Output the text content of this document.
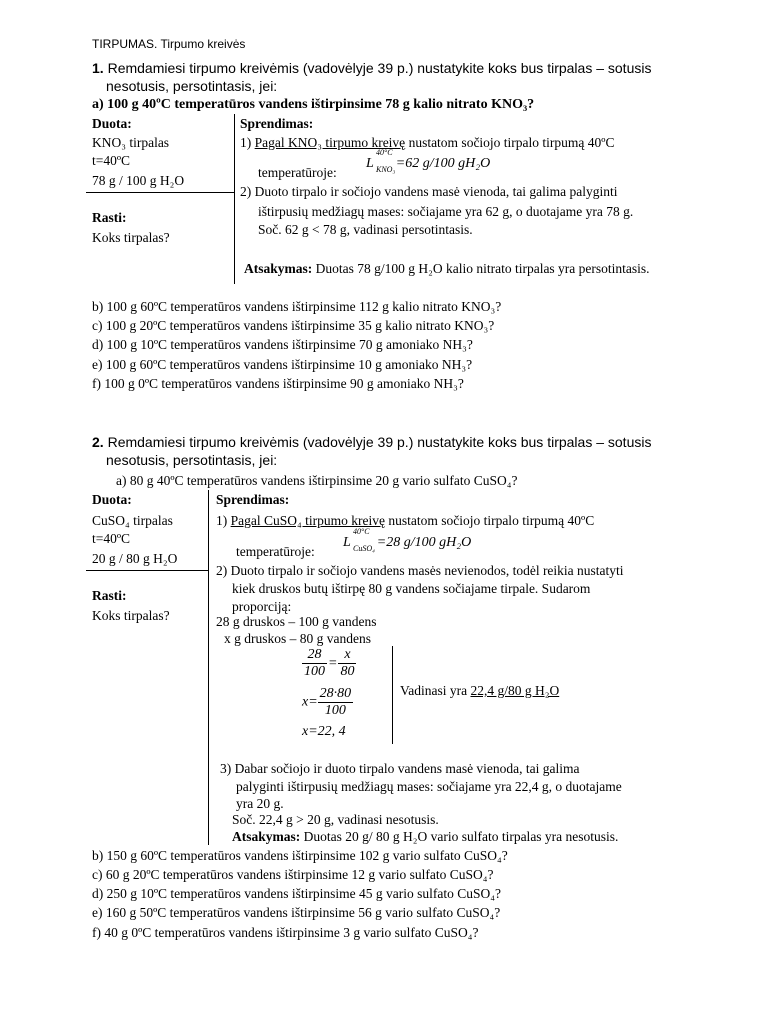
TIRPUMAS. Tirpumo kreivės
1. Remdamiesi tirpumo kreivėmis (vadovėlyje 39 p.) nustatykite koks bus tirpalas – sotusis
nesotusis, persotintasis, jei:
a) 100 g 40ºC temperatūros vandens ištirpinsime 78 g kalio nitrato KNO₃?
Duota:
KNO₃ tirpalas
t=40ºC
78 g / 100 g H₂O
Rasti:
Koks tirpalas?
Sprendimas:
1) Pagal KNO₃ tirpumo kreivę nustatom sočiojo tirpalo tirpumą 40ºC
temperatūroje:
L
40°C
KNO₃ =62 g/100 gH₂O
2) Duoto tirpalo ir sočiojo vandens masė vienoda, tai galima palyginti
ištirpusių medžiagų mases: sočiajame yra 62 g, o duotajame yra 78 g.
Soč. 62 g < 78 g, vadinasi persotintasis.
Atsakymas: Duotas 78 g/100 g H₂O kalio nitrato tirpalas yra persotintasis.
b) 100 g 60ºC temperatūros vandens ištirpinsime 112 g kalio nitrato KNO₃?
c) 100 g 20ºC temperatūros vandens ištirpinsime 35 g kalio nitrato KNO₃?
d) 100 g 10ºC temperatūros vandens ištirpinsime 70 g amoniako NH₃?
e) 100 g 60ºC temperatūros vandens ištirpinsime 10 g amoniako NH₃?
f) 100 g 0ºC temperatūros vandens ištirpinsime 90 g amoniako NH₃?
2. Remdamiesi tirpumo kreivėmis (vadovėlyje 39 p.) nustatykite koks bus tirpalas – sotusis
nesotusis, persotintasis, jei:
a) 80 g 40ºC temperatūros vandens ištirpinsime 20 g vario sulfato CuSO₄?
Duota:
CuSO₄ tirpalas
t=40ºC
20 g / 80 g H₂O
Rasti:
Koks tirpalas?
Sprendimas:
1) Pagal CuSO₄ tirpumo kreivę nustatom sočiojo tirpalo tirpumą 40ºC
temperatūroje:
L
40°C
CuSO₄ =28 g/100 gH₂O
2) Duoto tirpalo ir sočiojo vandens masės nevienodos, todėl reikia nustatyti
kiek druskos butų ištirpę 80 g vandens sočiajame tirpale. Sudarom
proporciją:
28 g druskos – 100 g vandens
x g druskos – 80 g vandens
$\frac{28}{100} = \frac{x}{80}$
$x= \frac{28\cdot 80}{100}$
x=22, 4
Vadinasi yra 22,4 g/80 g H₂O
3) Dabar sočiojo ir duoto tirpalo vandens masė vienoda, tai galima
palyginti ištirpusių medžiagų mases: sočiajame yra 22,4 g, o duotajame
yra 20 g.
Soč. 22,4 g > 20 g, vadinasi nesotusis.
Atsakymas: Duotas 20 g/ 80 g H₂O vario sulfato tirpalas yra nesotusis.
b) 150 g 60ºC temperatūros vandens ištirpinsime 102 g vario sulfato CuSO₄?
c) 60 g 20ºC temperatūros vandens ištirpinsime 12 g vario sulfato CuSO₄?
d) 250 g 10ºC temperatūros vandens ištirpinsime 45 g vario sulfato CuSO₄?
e) 160 g 50ºC temperatūros vandens ištirpinsime 56 g vario sulfato CuSO₄?
f) 40 g 0ºC temperatūros vandens ištirpinsime 3 g vario sulfato CuSO₄?
